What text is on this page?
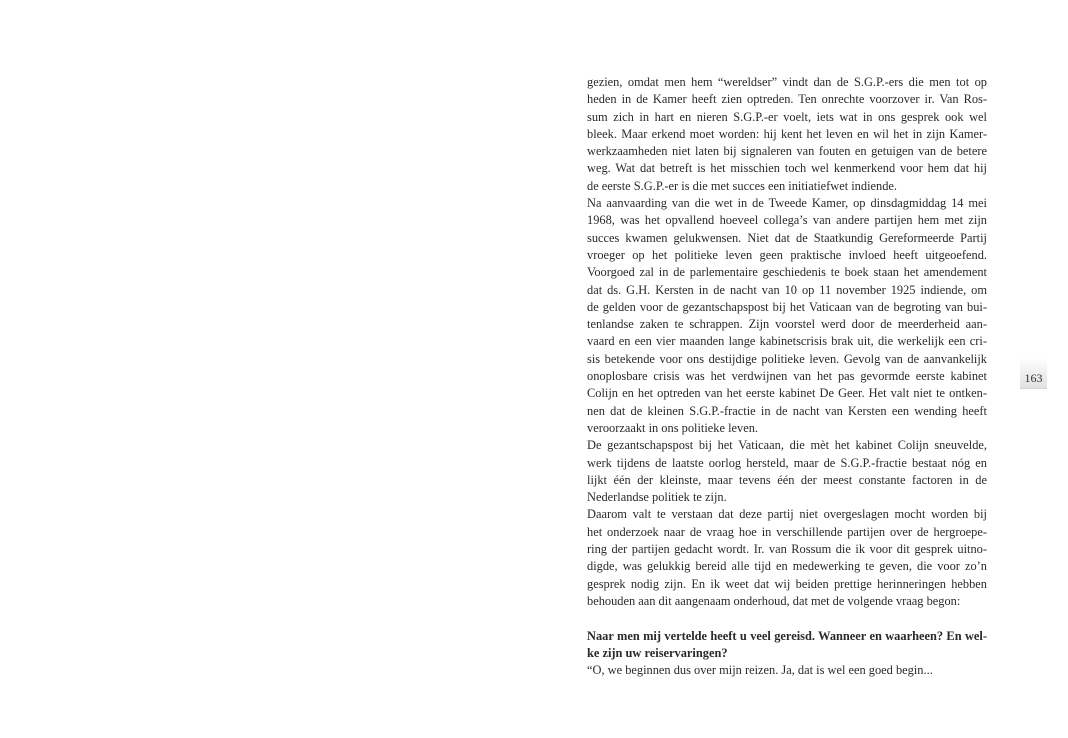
gezien, omdat men hem “wereldser” vindt dan de S.G.P.-ers die men tot op

heden in de Kamer heeft zien optreden. Ten onrechte voorzover ir. Van Ros-

sum zich in hart en nieren S.G.P.-er voelt, iets wat in ons gesprek ook wel

bleek. Maar erkend moet worden: hij kent het leven en wil het in zijn Kamer-

werkzaamheden niet laten bij signaleren van fouten en getuigen van de betere

weg. Wat dat betreft is het misschien toch wel kenmerkend voor hem dat hij

de eerste S.G.P.-er is die met succes een initiatiefwet indiende.

Na aanvaarding van die wet in de Tweede Kamer, op dinsdagmiddag 14 mei

1968, was het opvallend hoeveel collega’s van andere partijen hem met zijn

succes kwamen gelukwensen. Niet dat de Staatkundig Gereformeerde Partij

vroeger op het politieke leven geen praktische invloed heeft uitgeoefend.

Voorgoed zal in de parlementaire geschiedenis te boek staan het amendement

dat ds. G.H. Kersten in de nacht van 10 op 11 november 1925 indiende, om

de gelden voor de gezantschapspost bij het Vaticaan van de begroting van bui-

tenlandse zaken te schrappen. Zijn voorstel werd door de meerderheid aan-

vaard en een vier maanden lange kabinetscrisis brak uit, die werkelijk een cri-

sis betekende voor ons destijdige politieke leven. Gevolg van de aanvankelijk

onoplosbare crisis was het verdwijnen van het pas gevormde eerste kabinet

Colijn en het optreden van het eerste kabinet De Geer. Het valt niet te ontken-

nen dat de kleinen S.G.P.-fractie in de nacht van Kersten een wending heeft

veroorzaakt in ons politieke leven.

De gezantschapspost bij het Vaticaan, die mèt het kabinet Colijn sneuvelde,

werk tijdens de laatste oorlog hersteld, maar de S.G.P.-fractie bestaat nóg en

lijkt één der kleinste, maar tevens één der meest constante factoren in de

Nederlandse politiek te zijn.

Daarom valt te verstaan dat deze partij niet overgeslagen mocht worden bij

het onderzoek naar de vraag hoe in verschillende partijen over de hergroepe-

ring der partijen gedacht wordt. Ir. van Rossum die ik voor dit gesprek uitno-

digde, was gelukkig bereid alle tijd en medewerking te geven, die voor zo’n

gesprek nodig zijn. En ik weet dat wij beiden prettige herinneringen hebben

behouden aan dit aangenaam onderhoud, dat met de volgende vraag begon:

Naar men mij vertelde heeft u veel gereisd. Wanneer en waarheen? En wel-

ke zijn uw reiservaringen?

“O, we beginnen dus over mijn reizen. Ja, dat is wel een goed begin...

163
